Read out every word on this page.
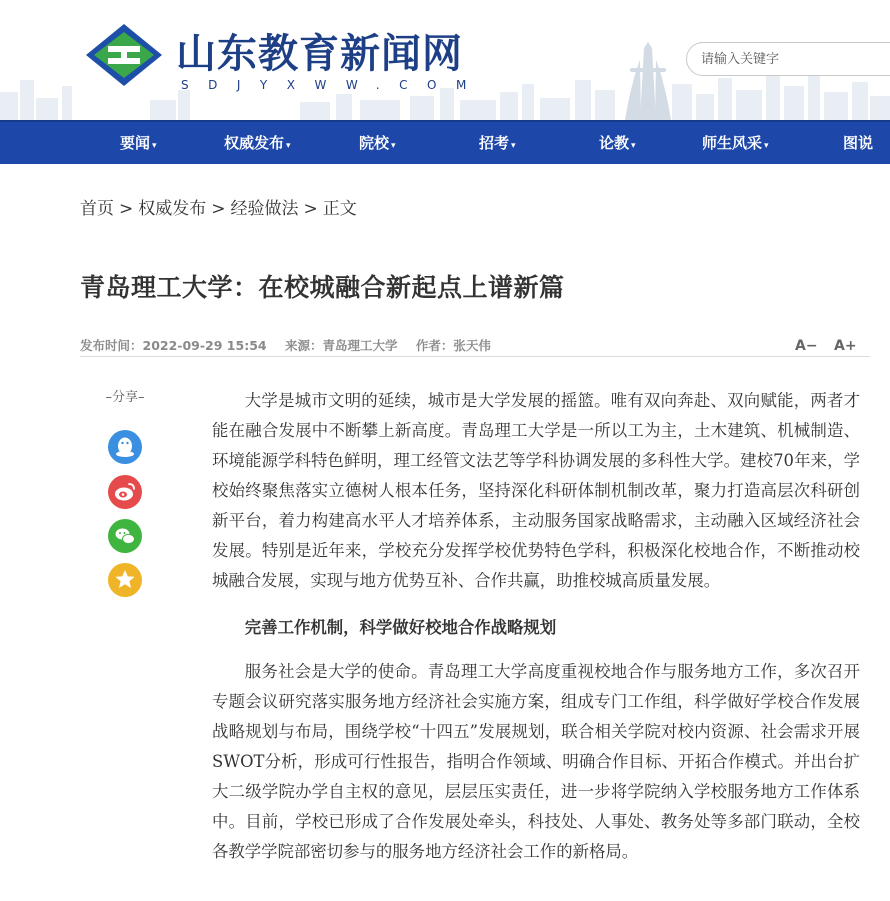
山东教育新闻网
SDJYXWW.COM
请输入关键字
要闻 ▾	权威发布 ▾	院校 ▾	招考 ▾	论教 ▾	师生风采 ▾	图说
首页 > 权威发布 > 经验做法 > 正文
青岛理工大学：在校城融合新起点上谱新篇
发布时间：2022-09-29 15:54 来源：青岛理工大学 作者：张天伟	A− A+
–分享–	大学是城市文明的延续，城市是大学发展的摇篮。唯有双向奔赴、双向赋能，两者才能在融合发展中不断攀上新高度。青岛理工大学是一所以工为主，土木建筑、机械制造、环境能源学科特色鲜明，理工经管文法艺等学科协调发展的多科性大学。建校70年来，学校始终聚焦落实立德树人根本任务，坚持深化科研体制机制改革，聚力打造高层次科研创新平台，着力构建高水平人才培养体系，主动服务国家战略需求，主动融入区域经济社会发展。特别是近年来，学校充分发挥学校优势特色学科，积极深化校地合作，不断推动校城融合发展，实现与地方优势互补、合作共赢，助推校城高质量发展。

完善工作机制，科学做好校地合作战略规划

服务社会是大学的使命。青岛理工大学高度重视校地合作与服务地方工作，多次召开专题会议研究落实服务地方经济社会实施方案，组成专门工作组，科学做好学校合作发展战略规划与布局，围绕学校“十四五”发展规划，联合相关学院对校内资源、社会需求开展SWOT分析，形成可行性报告，指明合作领域、明确合作目标、开拓合作模式。并出台扩大二级学院办学自主权的意见，层层压实责任，进一步将学院纳入学校服务地方工作体系中。目前，学校已形成了合作发展处牵头，科技处、人事处、教务处等多部门联动，全校各教学学院部密切参与的服务地方经济社会工作的新格局。
